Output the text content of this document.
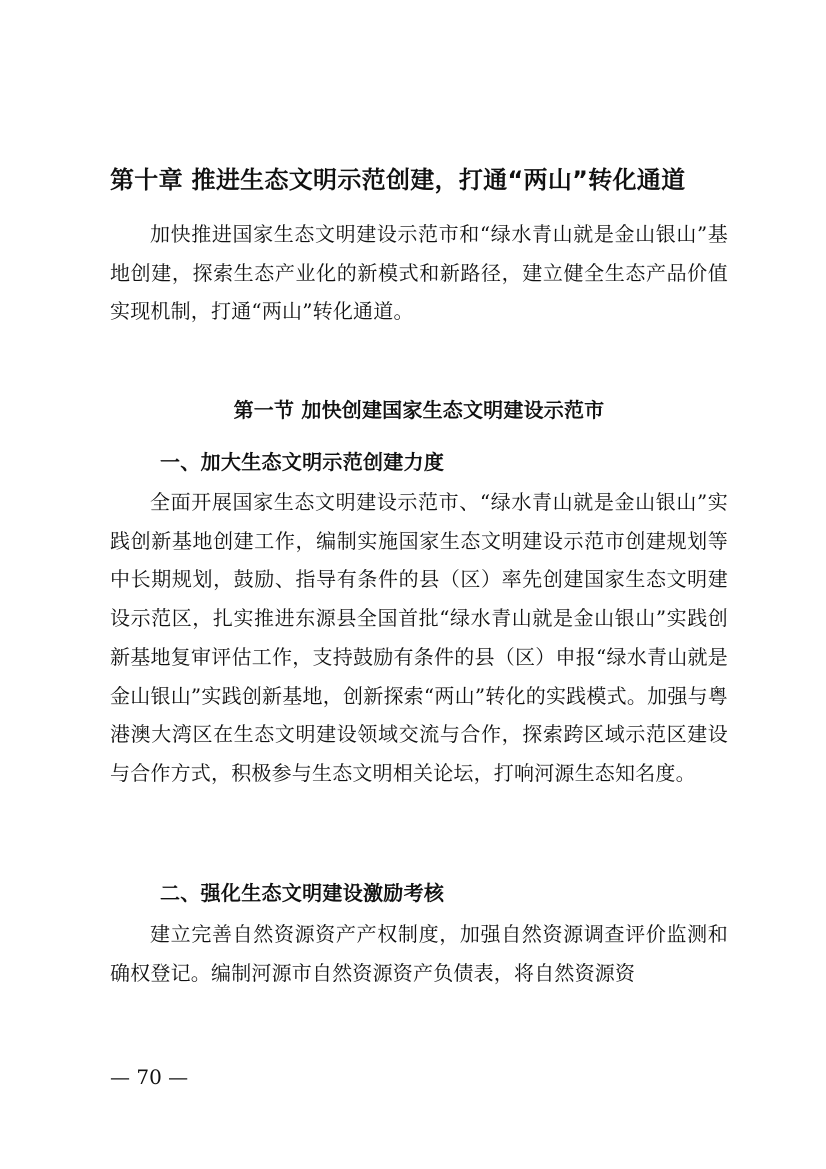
第十章 推进生态文明示范创建，打通“两山”转化通道

加快推进国家生态文明建设示范市和“绿水青山就是金山银山”基地创建，探索生态产业化的新模式和新路径，建立健全生态产品价值实现机制，打通“两山”转化通道。

第一节 加快创建国家生态文明建设示范市
一、加大生态文明示范创建力度

全面开展国家生态文明建设示范市、“绿水青山就是金山银山”实践创新基地创建工作，编制实施国家生态文明建设示范市创建规划等中长期规划，鼓励、指导有条件的县（区）率先创建国家生态文明建设示范区，扎实推进东源县全国首批“绿水青山就是金山银山”实践创新基地复审评估工作，支持鼓励有条件的县（区）申报“绿水青山就是金山银山”实践创新基地，创新探索“两山”转化的实践模式。加强与粤港澳大湾区在生态文明建设领域交流与合作，探索跨区域示范区建设与合作方式，积极参与生态文明相关论坛，打响河源生态知名度。

二、强化生态文明建设激励考核

建立完善自然资源资产产权制度，加强自然资源调查评价监测和确权登记。编制河源市自然资源资产负债表，将自然资源资

— 70 —
